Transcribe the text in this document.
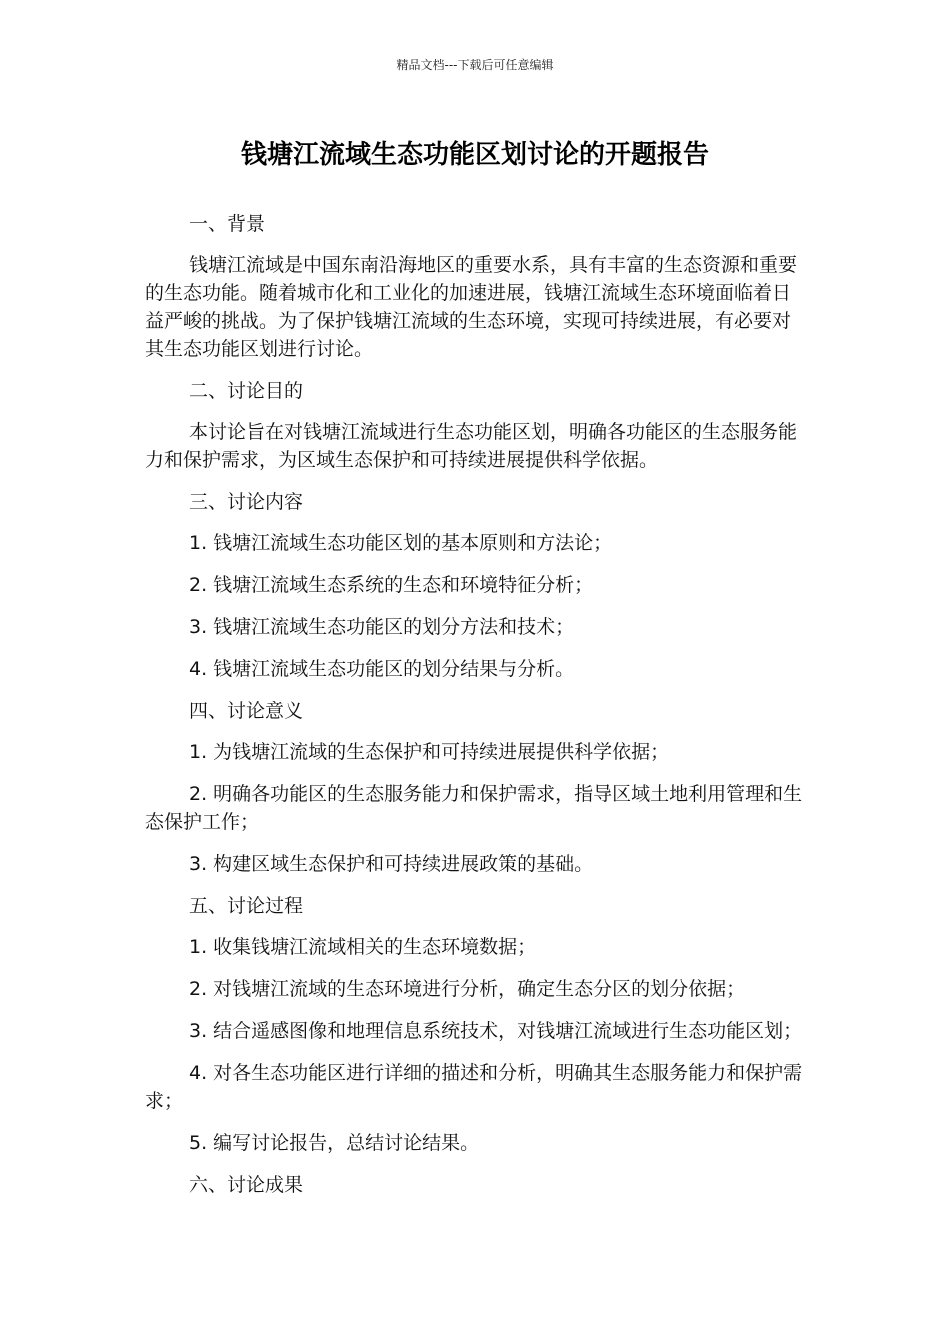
精品文档---下载后可任意编辑
钱塘江流域生态功能区划讨论的开题报告

一、背景

钱塘江流域是中国东南沿海地区的重要水系，具有丰富的生态资源和重要的生态功能。随着城市化和工业化的加速进展，钱塘江流域生态环境面临着日益严峻的挑战。为了保护钱塘江流域的生态环境，实现可持续进展，有必要对其生态功能区划进行讨论。

二、讨论目的

本讨论旨在对钱塘江流域进行生态功能区划，明确各功能区的生态服务能力和保护需求，为区域生态保护和可持续进展提供科学依据。

三、讨论内容

1. 钱塘江流域生态功能区划的基本原则和方法论；

2. 钱塘江流域生态系统的生态和环境特征分析；

3. 钱塘江流域生态功能区的划分方法和技术；

4. 钱塘江流域生态功能区的划分结果与分析。

四、讨论意义

1. 为钱塘江流域的生态保护和可持续进展提供科学依据；

2. 明确各功能区的生态服务能力和保护需求，指导区域土地利用管理和生态保护工作；

3. 构建区域生态保护和可持续进展政策的基础。

五、讨论过程

1. 收集钱塘江流域相关的生态环境数据；

2. 对钱塘江流域的生态环境进行分析，确定生态分区的划分依据；

3. 结合遥感图像和地理信息系统技术，对钱塘江流域进行生态功能区划；

4. 对各生态功能区进行详细的描述和分析，明确其生态服务能力和保护需求；

5. 编写讨论报告，总结讨论结果。

六、讨论成果
